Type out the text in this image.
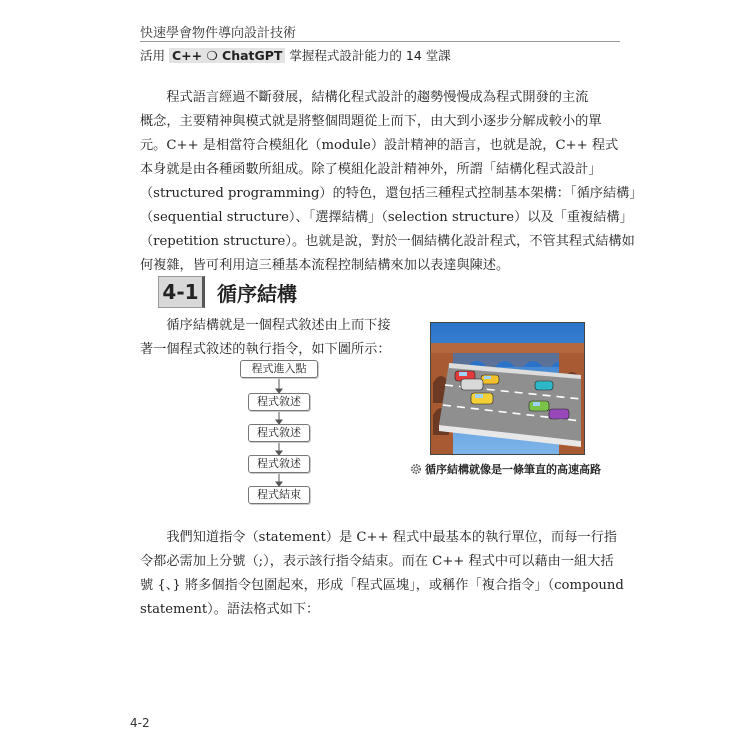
快速學會物件導向設計技術
活用 C++ ❍ ChatGPT 掌握程式設計能力的 14 堂課
　　程式語言經過不斷發展，結構化程式設計的趨勢慢慢成為程式開發的主流
概念，主要精神與模式就是將整個問題從上而下，由大到小逐步分解成較小的單
元。C++ 是相當符合模組化（module）設計精神的語言，也就是說，C++ 程式
本身就是由各種函數所組成。除了模組化設計精神外，所謂「結構化程式設計」
（structured programming）的特色，還包括三種程式控制基本架構：「循序結構」
（sequential structure）、「選擇結構」（selection structure）以及「重複結構」
（repetition structure）。也就是說，對於一個結構化設計程式，不管其程式結構如
何複雜，皆可利用這三種基本流程控制結構來加以表達與陳述。
4-1 循序結構
　　循序結構就是一個程式敘述由上而下接
著一個程式敘述的執行指令，如下圖所示：
程式進入點
程式敘述
程式敘述
程式敘述
程式結束
循序結構就像是一條筆直的高速高路
　　我們知道指令（statement）是 C++ 程式中最基本的執行單位，而每一行指
令都必需加上分號（;），表示該行指令結束。而在 C++ 程式中可以藉由一組大括
號 {、} 將多個指令包圍起來，形成「程式區塊」，或稱作「複合指令」（compound
statement）。語法格式如下：
4-2
